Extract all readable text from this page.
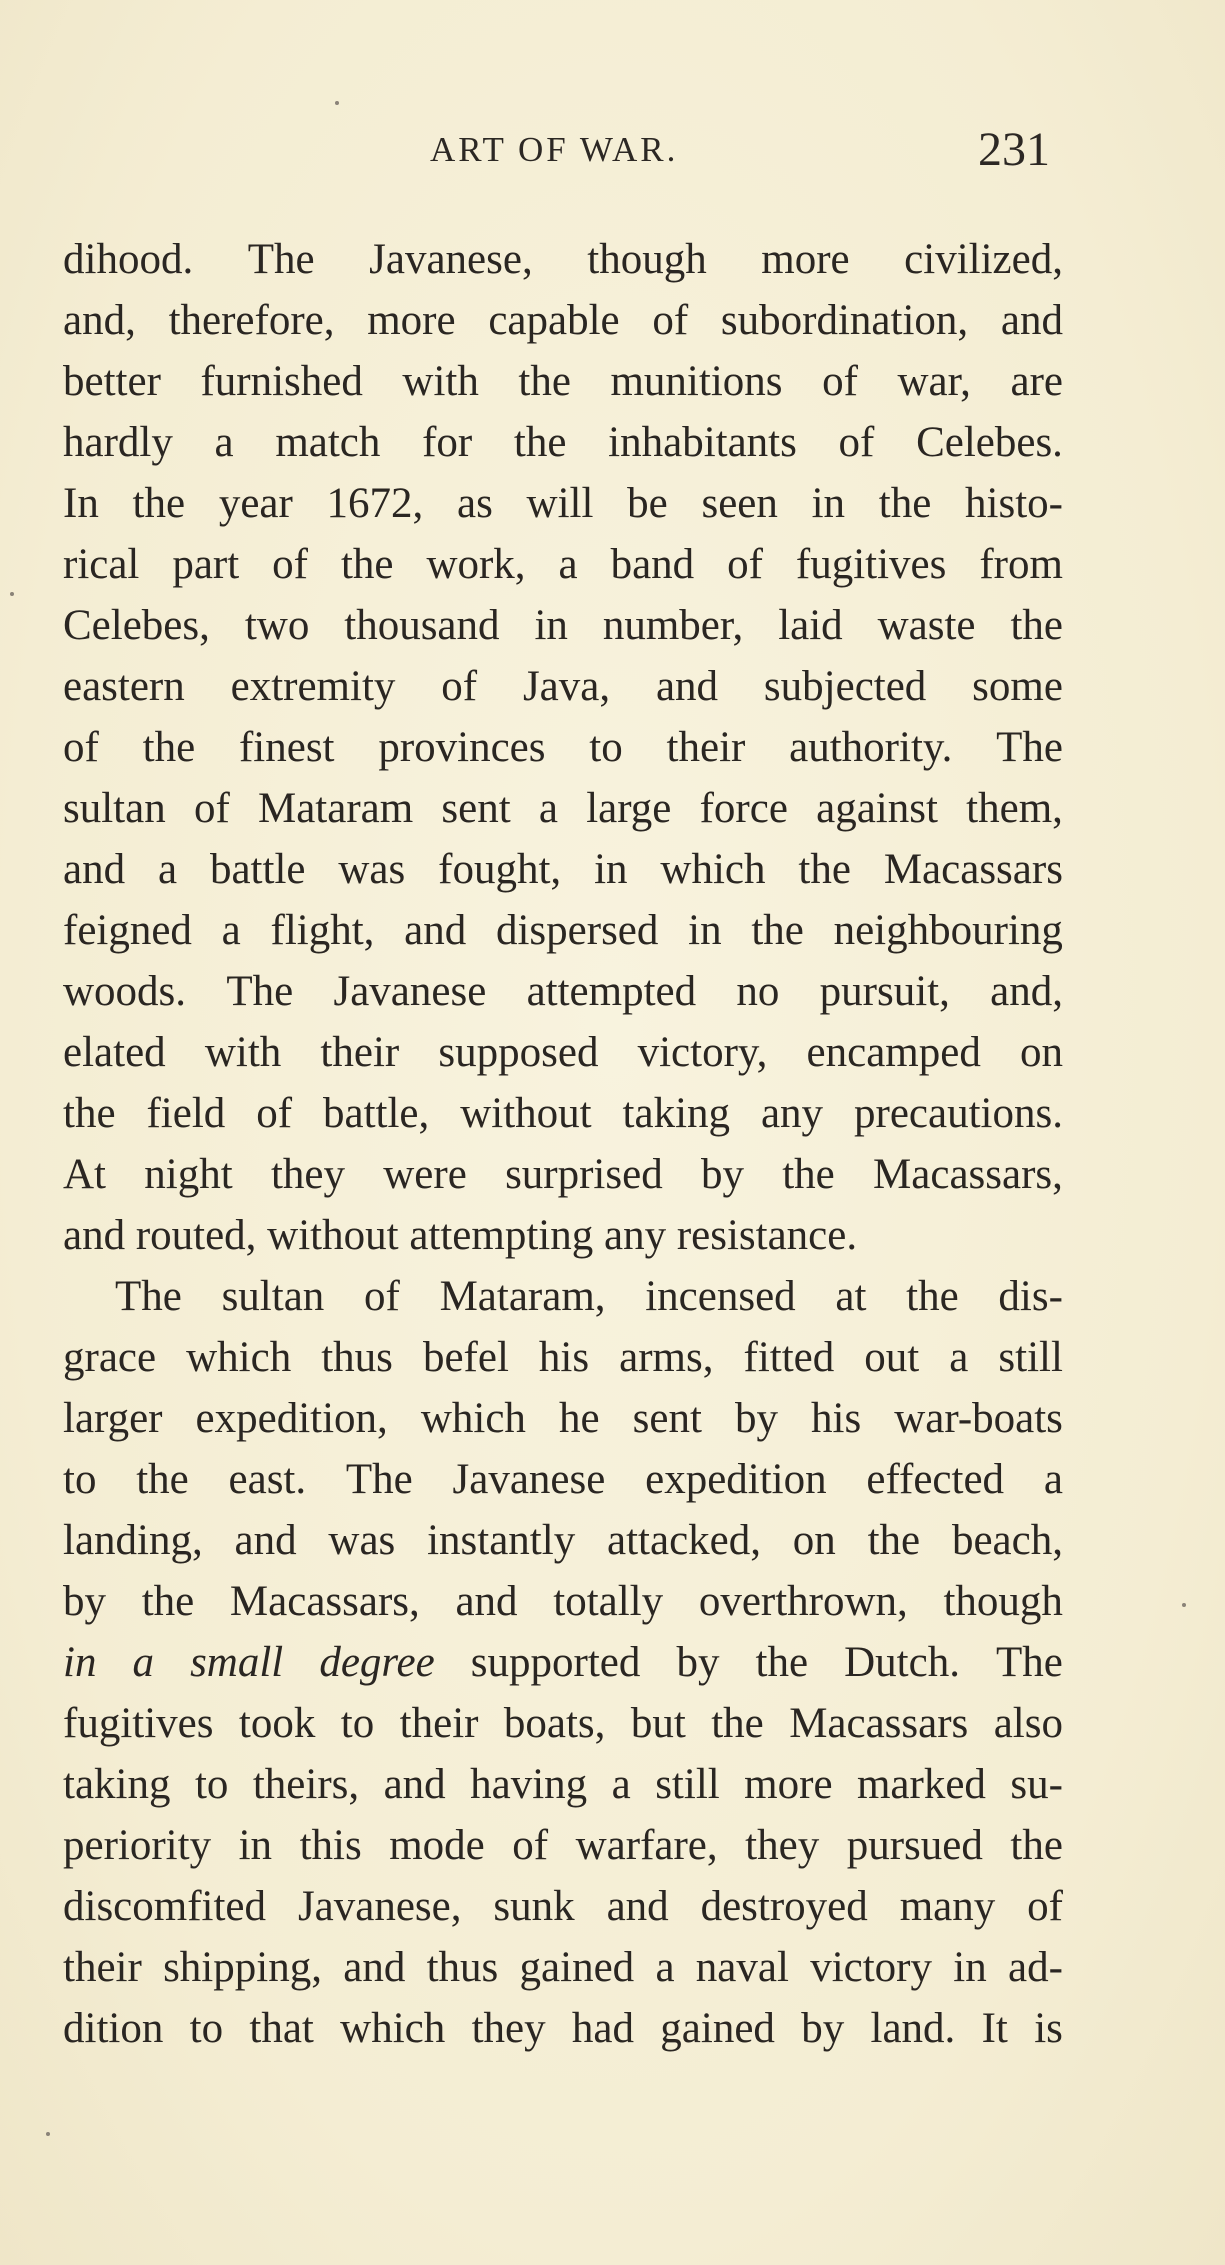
ART OF WAR.	231
dihood. The Javanese, though more civilized,
and, therefore, more capable of subordination, and
better furnished with the munitions of war, are
hardly a match for the inhabitants of Celebes.
In the year 1672, as will be seen in the histo-
rical part of the work, a band of fugitives from
Celebes, two thousand in number, laid waste the
eastern extremity of Java, and subjected some
of the finest provinces to their authority. The
sultan of Mataram sent a large force against them,
and a battle was fought, in which the Macassars
feigned a flight, and dispersed in the neighbouring
woods. The Javanese attempted no pursuit, and,
elated with their supposed victory, encamped on
the field of battle, without taking any precautions.
At night they were surprised by the Macassars,
and routed, without attempting any resistance.
The sultan of Mataram, incensed at the dis-
grace which thus befel his arms, fitted out a still
larger expedition, which he sent by his war-boats
to the east. The Javanese expedition effected a
landing, and was instantly attacked, on the beach,
by the Macassars, and totally overthrown, though
in a small degree supported by the Dutch. The
fugitives took to their boats, but the Macassars also
taking to theirs, and having a still more marked su-
periority in this mode of warfare, they pursued the
discomfited Javanese, sunk and destroyed many of
their shipping, and thus gained a naval victory in ad-
dition to that which they had gained by land. It is
